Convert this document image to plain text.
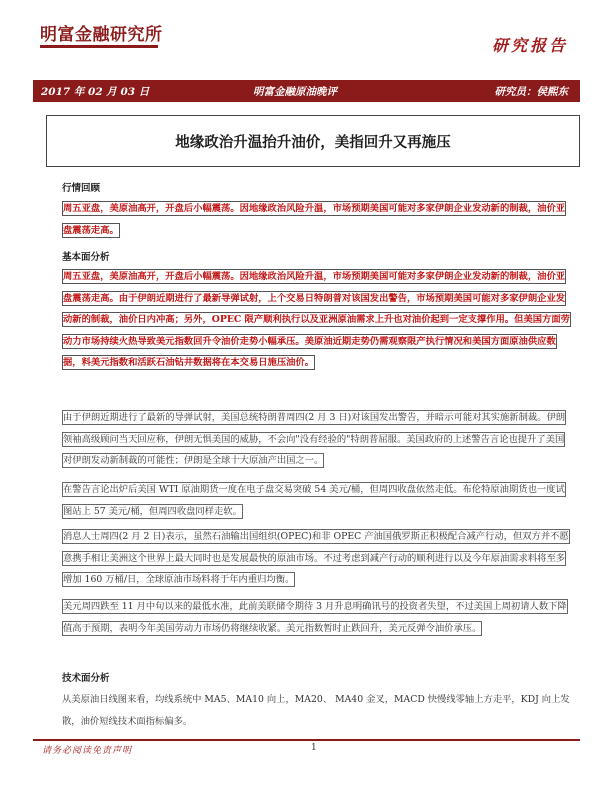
明富金融研究所
研究报告
2017 年 02 月 03 日	明富金融原油晚评	研究员：侯熙东
地缘政治升温抬升油价，美指回升又再施压
行情回顾
周五亚盘，美原油高开，开盘后小幅震荡。因地缘政治风险升温，市场预期美国可能对多家伊朗企业发动新的制裁，油价亚盘震荡走高。
基本面分析
周五亚盘，美原油高开，开盘后小幅震荡。因地缘政治风险升温，市场预期美国可能对多家伊朗企业发动新的制裁，油价亚盘震荡走高。由于伊朗近期进行了最新导弹试射，上个交易日特朗普对该国发出警告，市场预期美国可能对多家伊朗企业发动新的制裁，油价日内冲高；另外，OPEC 限产顺利执行以及亚洲原油需求上升也对油价起到一定支撑作用。但美国方面劳动力市场持续火热导致美元指数回升令油价走势小幅承压。美原油近期走势仍需观察限产执行情况和美国方面原油供应数据，料美元指数和活跃石油钻井数据将在本交易日施压油价。
由于伊朗近期进行了最新的导弹试射，美国总统特朗普周四(2 月 3 日)对该国发出警告，并暗示可能对其实施新制裁。伊朗领袖高级顾问当天回应称，伊朗无惧美国的威胁，不会向"没有经验的"特朗普屈服。美国政府的上述警告言论也提升了美国对伊朗发动新制裁的可能性；伊朗是全球十大原油产出国之一。
在警告言论出炉后美国 WTI 原油期货一度在电子盘交易突破 54 美元/桶，但周四收盘依然走低。布伦特原油期货也一度试图站上 57 美元/桶，但周四收盘同样走软。
消息人士周四(2 月 2 日)表示，虽然石油输出国组织(OPEC)和非 OPEC 产油国俄罗斯正积极配合减产行动，但双方并不愿意携手相让美洲这个世界上最大同时也是发展最快的原油市场。不过考虑到减产行动的顺利进行以及今年原油需求料将至多增加 160 万桶/日，全球原油市场料将于年内重归均衡。
美元周四跌至 11 月中旬以来的最低水准，此前美联储令期待 3 月升息明确讯号的投资者失望，不过美国上周初请人数下降值高于预期，表明今年美国劳动力市场仍将继续收紧。美元指数暂时止跌回升，美元反弹令油价承压。
技术面分析
从美原油日线图来看，均线系统中 MA5、MA10 向上，MA20、 MA40 金叉，MACD 快慢线零轴上方走平，KDJ 向上发散，油价短线技术面指标偏多。
请务必阅读免责声明	1
